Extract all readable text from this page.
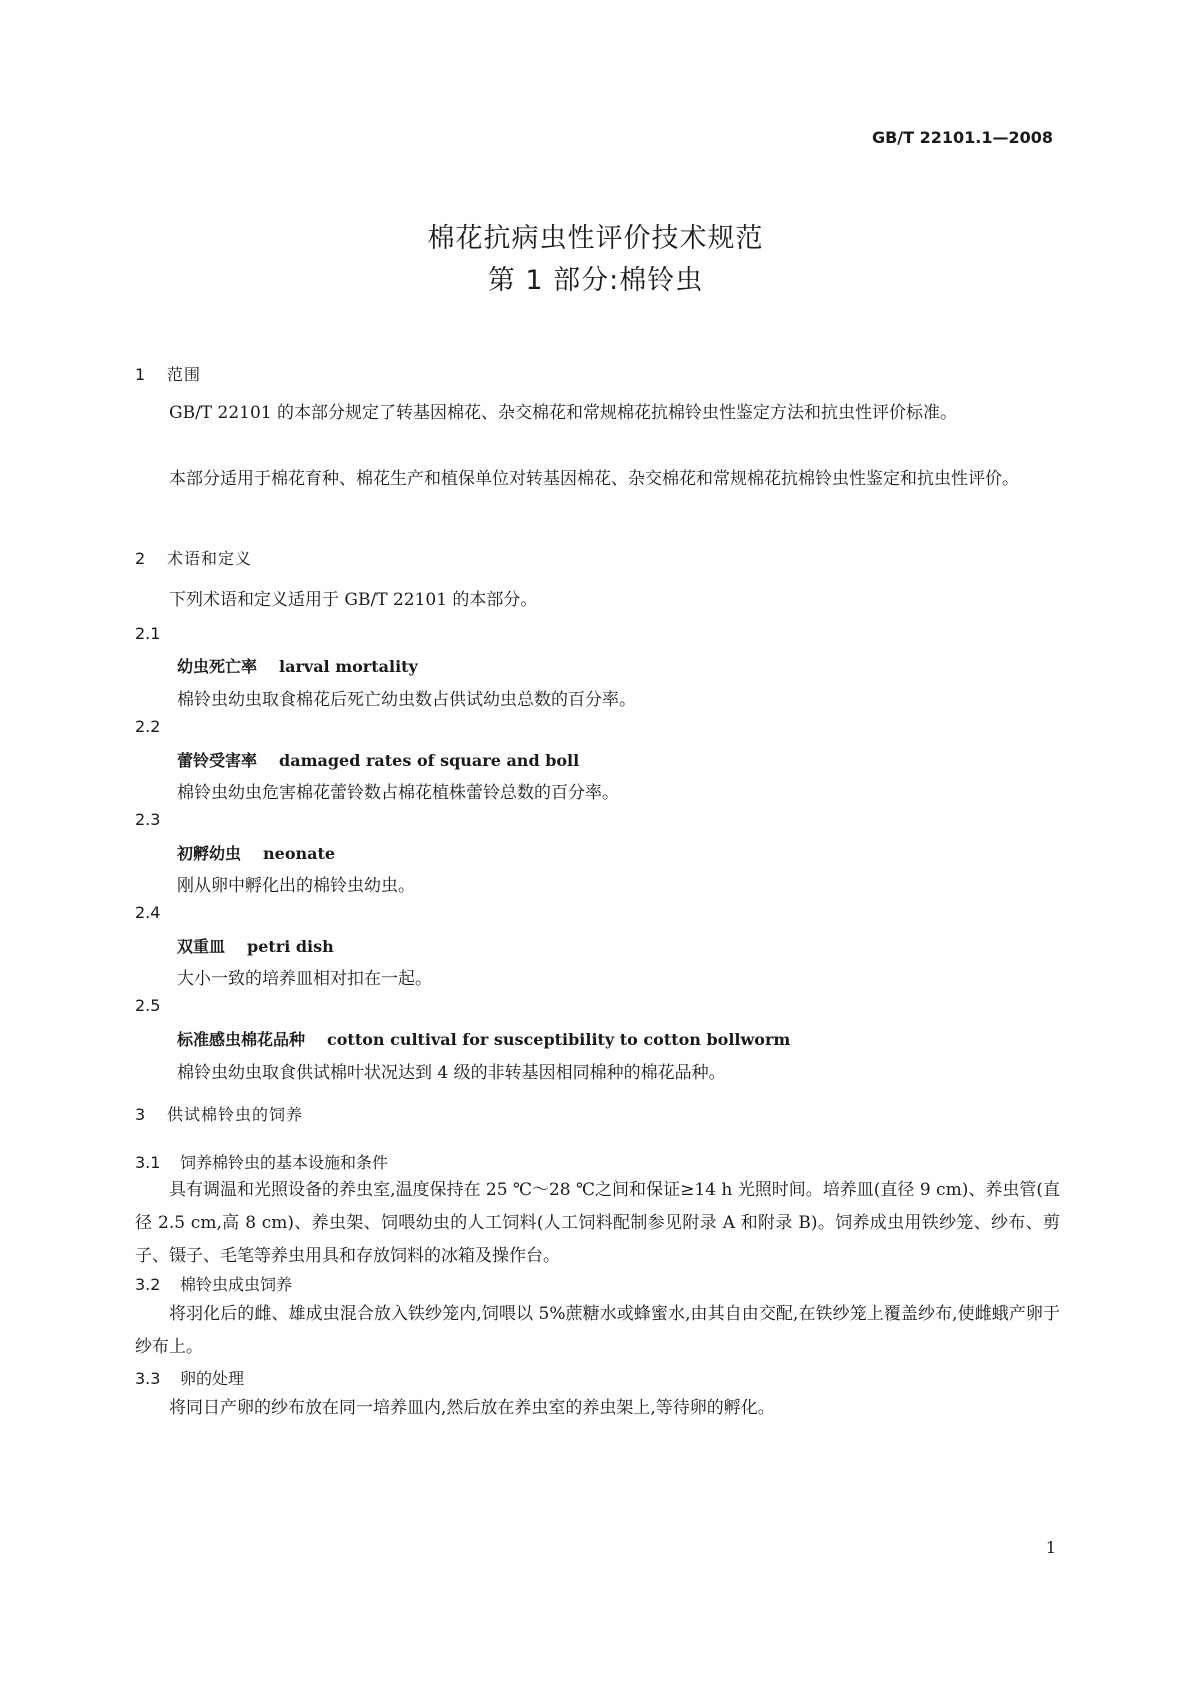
GB/T 22101.1—2008
棉花抗病虫性评价技术规范
第 1 部分:棉铃虫
1 范围
GB/T 22101 的本部分规定了转基因棉花、杂交棉花和常规棉花抗棉铃虫性鉴定方法和抗虫性评价标准。
本部分适用于棉花育种、棉花生产和植保单位对转基因棉花、杂交棉花和常规棉花抗棉铃虫性鉴定和抗虫性评价。
2 术语和定义
下列术语和定义适用于 GB/T 22101 的本部分。
2.1
幼虫死亡率 larval mortality
棉铃虫幼虫取食棉花后死亡幼虫数占供试幼虫总数的百分率。
2.2
蕾铃受害率 damaged rates of square and boll
棉铃虫幼虫危害棉花蕾铃数占棉花植株蕾铃总数的百分率。
2.3
初孵幼虫 neonate
刚从卵中孵化出的棉铃虫幼虫。
2.4
双重皿 petri dish
大小一致的培养皿相对扣在一起。
2.5
标准感虫棉花品种 cotton cultival for susceptibility to cotton bollworm
棉铃虫幼虫取食供试棉叶状况达到 4 级的非转基因相同棉种的棉花品种。
3 供试棉铃虫的饲养
3.1 饲养棉铃虫的基本设施和条件
具有调温和光照设备的养虫室,温度保持在 25 ℃～28 ℃之间和保证≥14 h 光照时间。培养皿(直径 9 cm)、养虫管(直径 2.5 cm,高 8 cm)、养虫架、饲喂幼虫的人工饲料(人工饲料配制参见附录 A 和附录 B)。饲养成虫用铁纱笼、纱布、剪子、镊子、毛笔等养虫用具和存放饲料的冰箱及操作台。
3.2 棉铃虫成虫饲养
将羽化后的雌、雄成虫混合放入铁纱笼内,饲喂以 5%蔗糖水或蜂蜜水,由其自由交配,在铁纱笼上覆盖纱布,使雌蛾产卵于纱布上。
3.3 卵的处理
将同日产卵的纱布放在同一培养皿内,然后放在养虫室的养虫架上,等待卵的孵化。
1
